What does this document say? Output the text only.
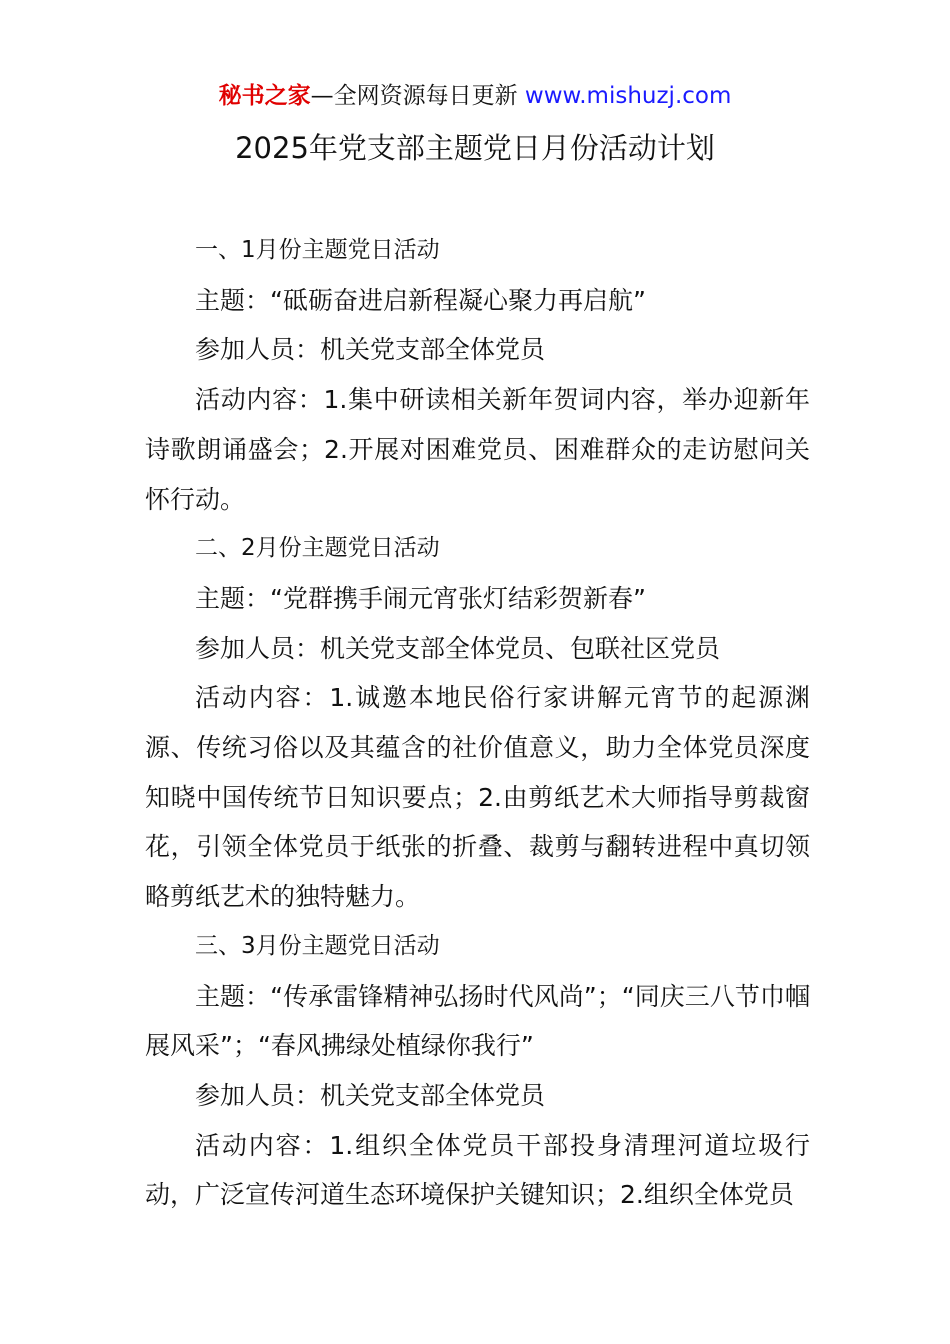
秘书之家—全网资源每日更新 www.mishuzj.com
2025年党支部主题党日月份活动计划

一、1月份主题党日活动

主题：“砥砺奋进启新程凝心聚力再启航”

参加人员：机关党支部全体党员

活动内容：1.集中研读相关新年贺词内容，举办迎新年诗歌朗诵盛会；2.开展对困难党员、困难群众的走访慰问关怀行动。

二、2月份主题党日活动

主题：“党群携手闹元宵张灯结彩贺新春”

参加人员：机关党支部全体党员、包联社区党员

活动内容：1.诚邀本地民俗行家讲解元宵节的起源渊源、传统习俗以及其蕴含的社价值意义，助力全体党员深度知晓中国传统节日知识要点；2.由剪纸艺术大师指导剪裁窗花，引领全体党员于纸张的折叠、裁剪与翻转进程中真切领略剪纸艺术的独特魅力。

三、3月份主题党日活动

主题：“传承雷锋精神弘扬时代风尚”；“同庆三八节巾帼展风采”；“春风拂绿处植绿你我行”

参加人员：机关党支部全体党员

活动内容：1.组织全体党员干部投身清理河道垃圾行动，广泛宣传河道生态环境保护关键知识；2.组织全体党员
